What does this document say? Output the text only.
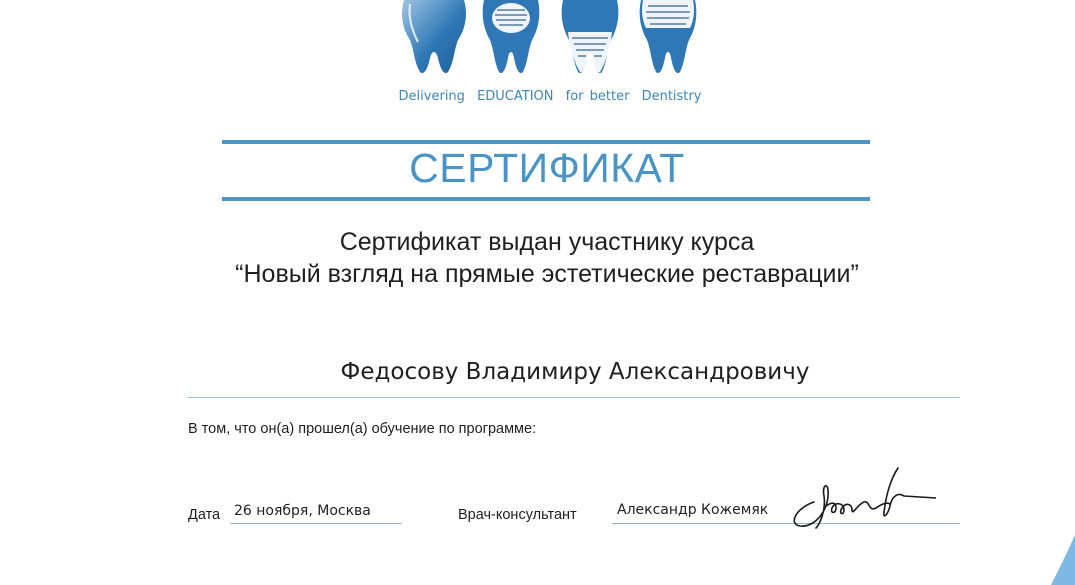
Delivering EDUCATION for better Dentistry
СЕРТИФИКАТ
Сертификат выдан участнику курса
“Новый взгляд на прямые эстетические реставрации”
Федосову Владимиру Александровичу
В том, что он(а) прошел(а) обучение по программе:
Дата 26 ноября, Москва	Врач-консультант	Александр Кожемяк
